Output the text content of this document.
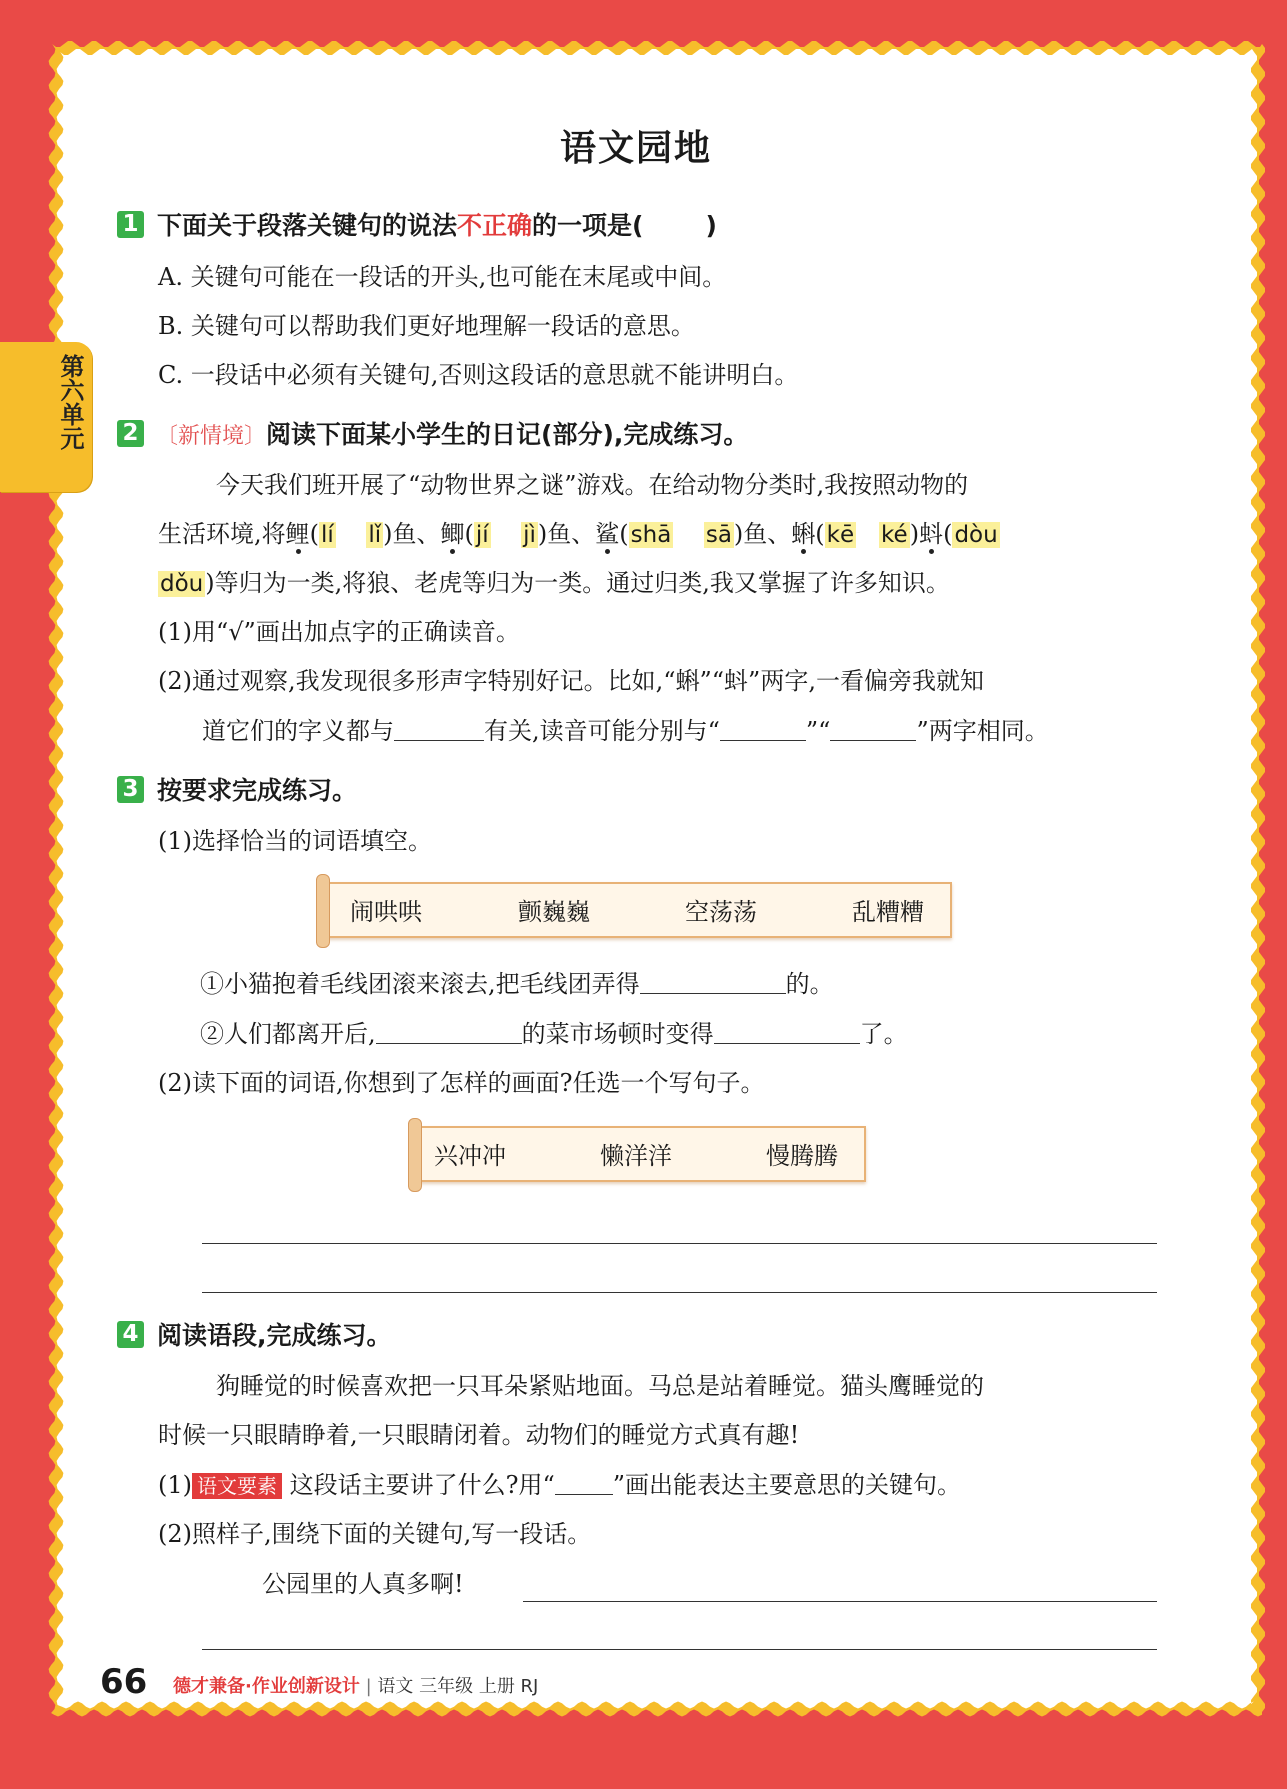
语文园地
第六单元
1 下面关于段落关键句的说法不正确的一项是( )
A. 关键句可能在一段话的开头,也可能在末尾或中间。
B. 关键句可以帮助我们更好地理解一段话的意思。
C. 一段话中必须有关键句,否则这段话的意思就不能讲明白。
2 〔新情境〕阅读下面某小学生的日记(部分),完成练习。
今天我们班开展了“动物世界之谜”游戏。在给动物分类时,我按照动物的
生活环境,将鲤(lí lǐ)鱼、鲫(jí jì)鱼、鲨(shā sā)鱼、蝌(kē ké)蚪(dòu
dǒu)等归为一类,将狼、老虎等归为一类。通过归类,我又掌握了许多知识。
(1)用“√”画出加点字的正确读音。
(2)通过观察,我发现很多形声字特别好记。比如,“蝌”“蚪”两字,一看偏旁我就知
道它们的字义都与	有关,读音可能分别与“	”“	”两字相同。
3 按要求完成练习。
(1)选择恰当的词语填空。
闹哄哄	颤巍巍	空荡荡	乱糟糟
①小猫抱着毛线团滚来滚去,把毛线团弄得	的。
②人们都离开后,	的菜市场顿时变得	了。
(2)读下面的词语,你想到了怎样的画面?任选一个写句子。
兴冲冲	懒洋洋	慢腾腾
4 阅读语段,完成练习。
狗睡觉的时候喜欢把一只耳朵紧贴地面。马总是站着睡觉。猫头鹰睡觉的
时候一只眼睛睁着,一只眼睛闭着。动物们的睡觉方式真有趣!
(1) 语文要素 这段话主要讲了什么?用“ ”画出能表达主要意思的关键句。
(2)照样子,围绕下面的关键句,写一段话。
公园里的人真多啊!
66 德才兼备·作业创新设计 | 语文 三年级 上册 RJ
